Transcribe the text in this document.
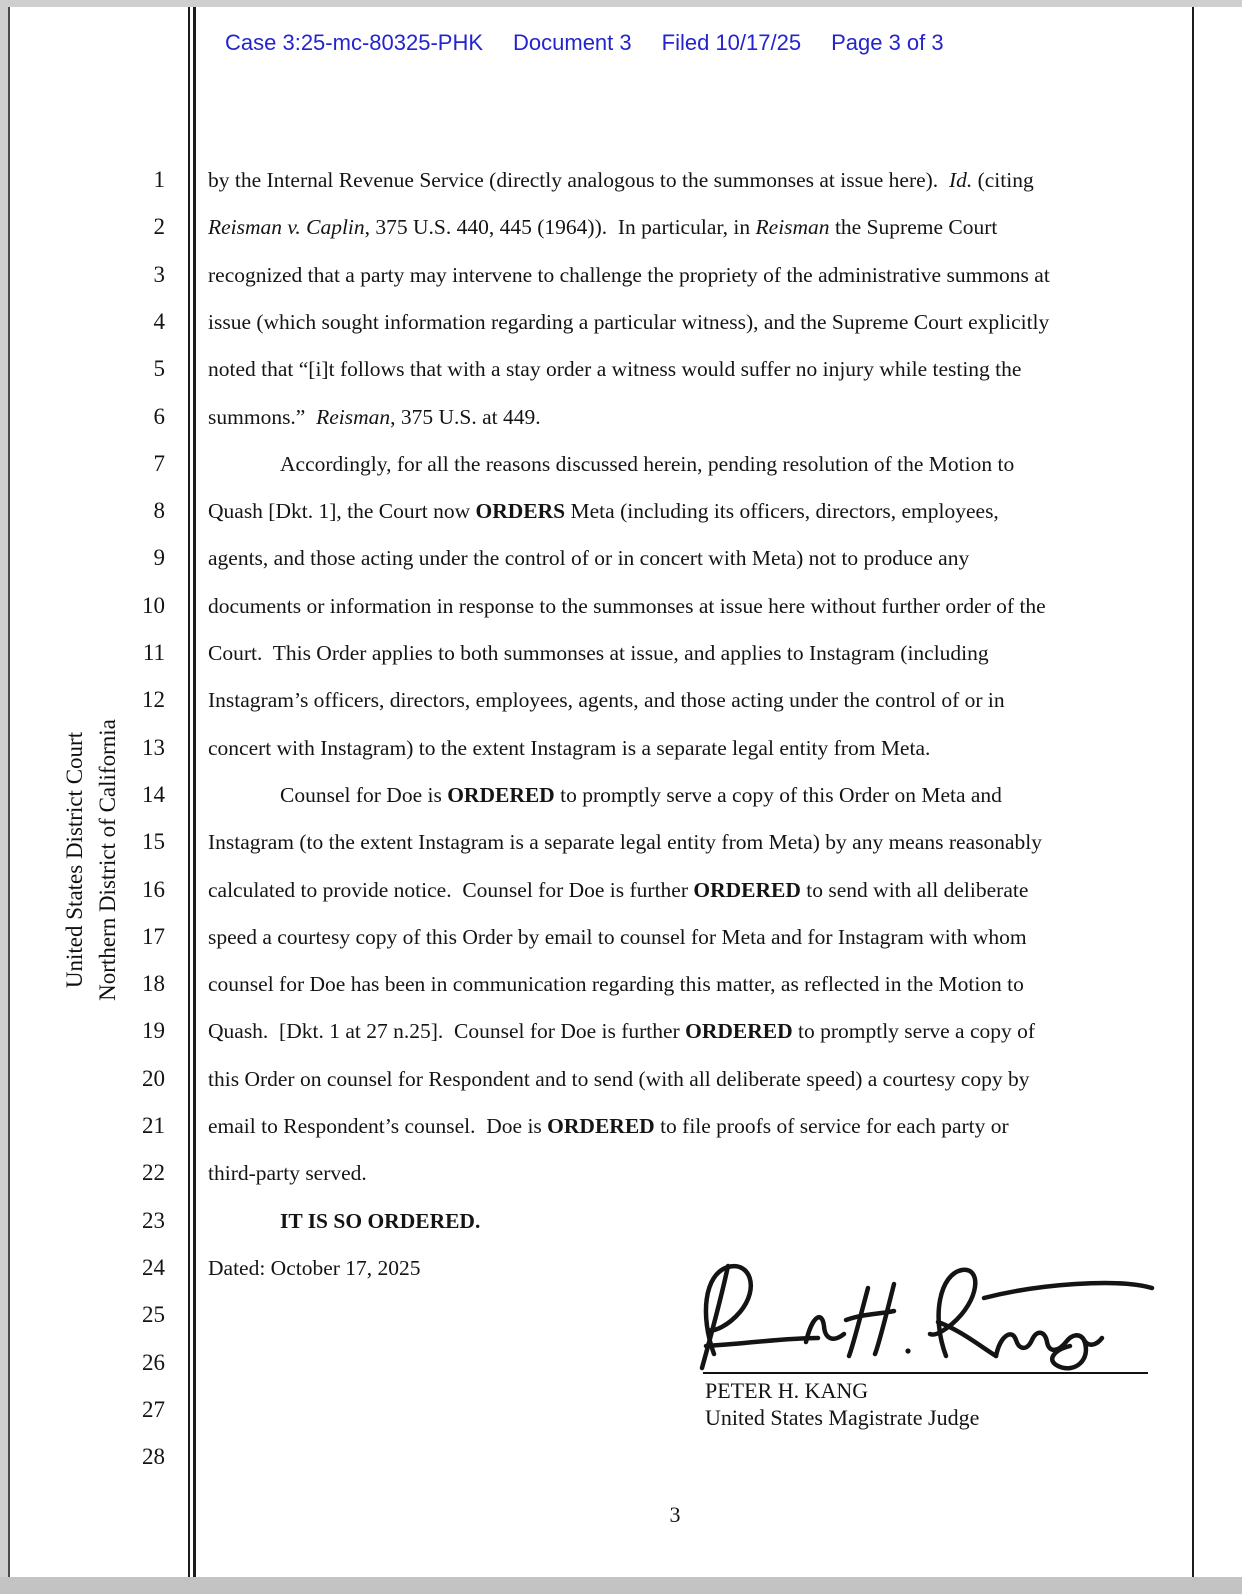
Case 3:25-mc-80325-PHK Document 3 Filed 10/17/25 Page 3 of 3
United States District Court Northern District of California
1
2
3
4
5
6
7
8
9
10
11
12
13
14
15
16
17
18
19
20
21
22
23
24
25
26
27
28
by the Internal Revenue Service (directly analogous to the summonses at issue here).  Id. (citing
Reisman v. Caplin, 375 U.S. 440, 445 (1964)).  In particular, in Reisman the Supreme Court
recognized that a party may intervene to challenge the propriety of the administrative summons at
issue (which sought information regarding a particular witness), and the Supreme Court explicitly
noted that “[i]t follows that with a stay order a witness would suffer no injury while testing the
summons.”  Reisman, 375 U.S. at 449.
Accordingly, for all the reasons discussed herein, pending resolution of the Motion to
Quash [Dkt. 1], the Court now ORDERS Meta (including its officers, directors, employees,
agents, and those acting under the control of or in concert with Meta) not to produce any
documents or information in response to the summonses at issue here without further order of the
Court.  This Order applies to both summonses at issue, and applies to Instagram (including
Instagram’s officers, directors, employees, agents, and those acting under the control of or in
concert with Instagram) to the extent Instagram is a separate legal entity from Meta.
Counsel for Doe is ORDERED to promptly serve a copy of this Order on Meta and
Instagram (to the extent Instagram is a separate legal entity from Meta) by any means reasonably
calculated to provide notice.  Counsel for Doe is further ORDERED to send with all deliberate
speed a courtesy copy of this Order by email to counsel for Meta and for Instagram with whom
counsel for Doe has been in communication regarding this matter, as reflected in the Motion to
Quash.  [Dkt. 1 at 27 n.25].  Counsel for Doe is further ORDERED to promptly serve a copy of
this Order on counsel for Respondent and to send (with all deliberate speed) a courtesy copy by
email to Respondent’s counsel.  Doe is ORDERED to file proofs of service for each party or
third-party served.
IT IS SO ORDERED.
Dated: October 17, 2025
PETER H. KANG
United States Magistrate Judge
3
